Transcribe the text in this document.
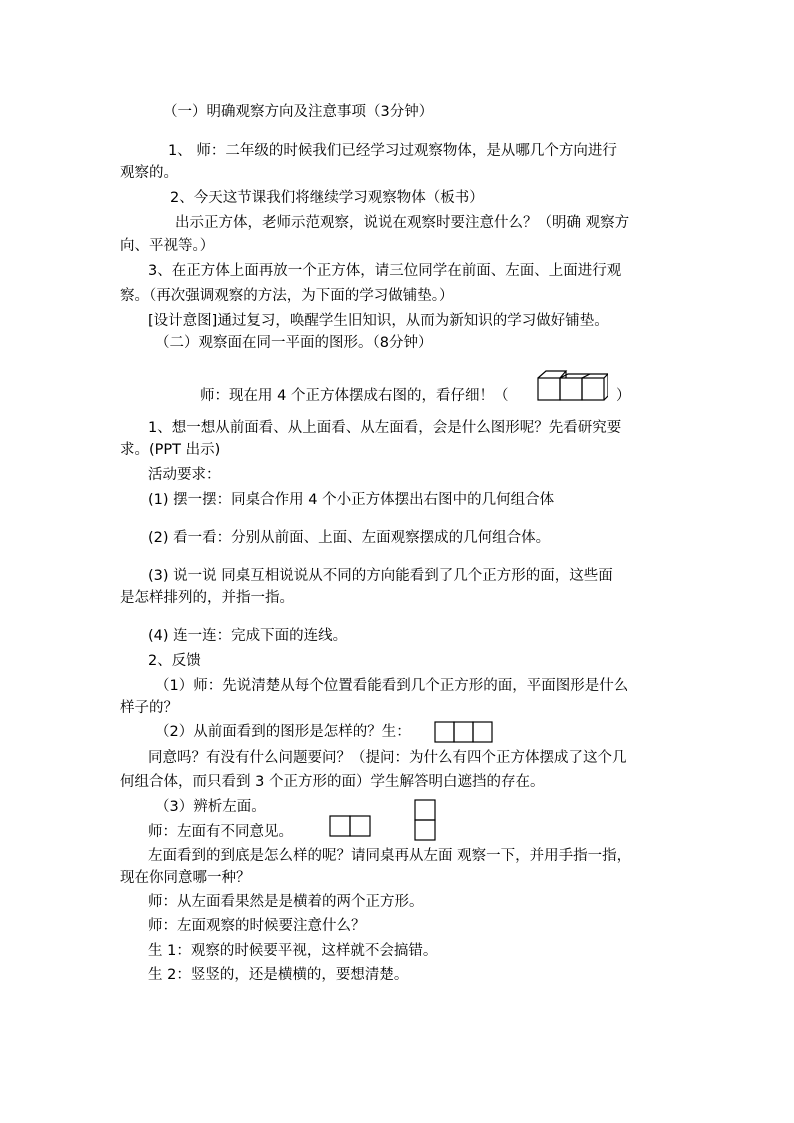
（一）明确观察方向及注意事项（3分钟）
1、 师：二年级的时候我们已经学习过观察物体，是从哪几个方向进行
观察的。
2、今天这节课我们将继续学习观察物体（板书）
出示正方体，老师示范观察，说说在观察时要注意什么？（明确 观察方
向、平视等。）
3、在正方体上面再放一个正方体，请三位同学在前面、左面、上面进行观
察。（再次强调观察的方法，为下面的学习做铺垫。）
[设计意图]通过复习，唤醒学生旧知识，从而为新知识的学习做好铺垫。
（二）观察面在同一平面的图形。（8分钟）
师：现在用 4 个正方体摆成右图的，看仔细！（	）
1、想一想从前面看、从上面看、从左面看，会是什么图形呢？先看研究要
求。(PPT 出示)
活动要求：
(1) 摆一摆：同桌合作用 4 个小正方体摆出右图中的几何组合体
(2) 看一看：分别从前面、上面、左面观察摆成的几何组合体。
(3) 说一说 同桌互相说说从不同的方向能看到了几个正方形的面，这些面
是怎样排列的，并指一指。
(4) 连一连：完成下面的连线。
2、反馈
（1）师：先说清楚从每个位置看能看到几个正方形的面，平面图形是什么
样子的？
（2）从前面看到的图形是怎样的？生：
同意吗？有没有什么问题要问？（提问：为什么有四个正方体摆成了这个几
何组合体，而只看到 3 个正方形的面）学生解答明白遮挡的存在。
（3）辨析左面。
师：左面有不同意见。
左面看到的到底是怎么样的呢？请同桌再从左面 观察一下，并用手指一指，
现在你同意哪一种？
师：从左面看果然是是横着的两个正方形。
师：左面观察的时候要注意什么？
生 1：观察的时候要平视，这样就不会搞错。
生 2：竖竖的，还是横横的，要想清楚。
